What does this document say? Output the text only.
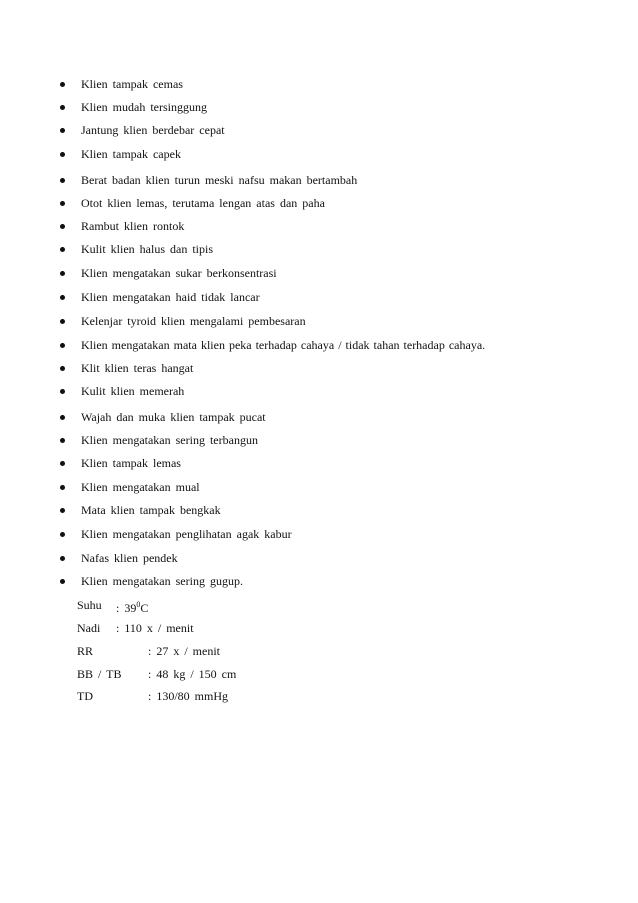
Klien tampak cemas
Klien mudah tersinggung
Jantung klien berdebar cepat
Klien tampak capek
Berat badan klien turun meski nafsu makan bertambah
Otot klien lemas, terutama lengan atas dan paha
Rambut klien rontok
Kulit klien halus dan tipis
Klien mengatakan sukar berkonsentrasi
Klien mengatakan haid tidak lancar
Kelenjar tyroid klien mengalami pembesaran
Klien mengatakan mata klien peka terhadap cahaya / tidak tahan terhadap cahaya.
Klit klien teras hangat
Kulit klien memerah
Wajah dan muka klien tampak pucat
Klien mengatakan sering terbangun
Klien tampak lemas
Klien mengatakan mual
Mata klien tampak bengkak
Klien mengatakan penglihatan agak kabur
Nafas klien pendek
Klien mengatakan sering gugup.
Suhu : $39^0C$
Nadi : 110 x / menit
RR	: 27 x / menit
BB / TB : 48 kg / 150 cm
TD	: 130/80 mmHg
